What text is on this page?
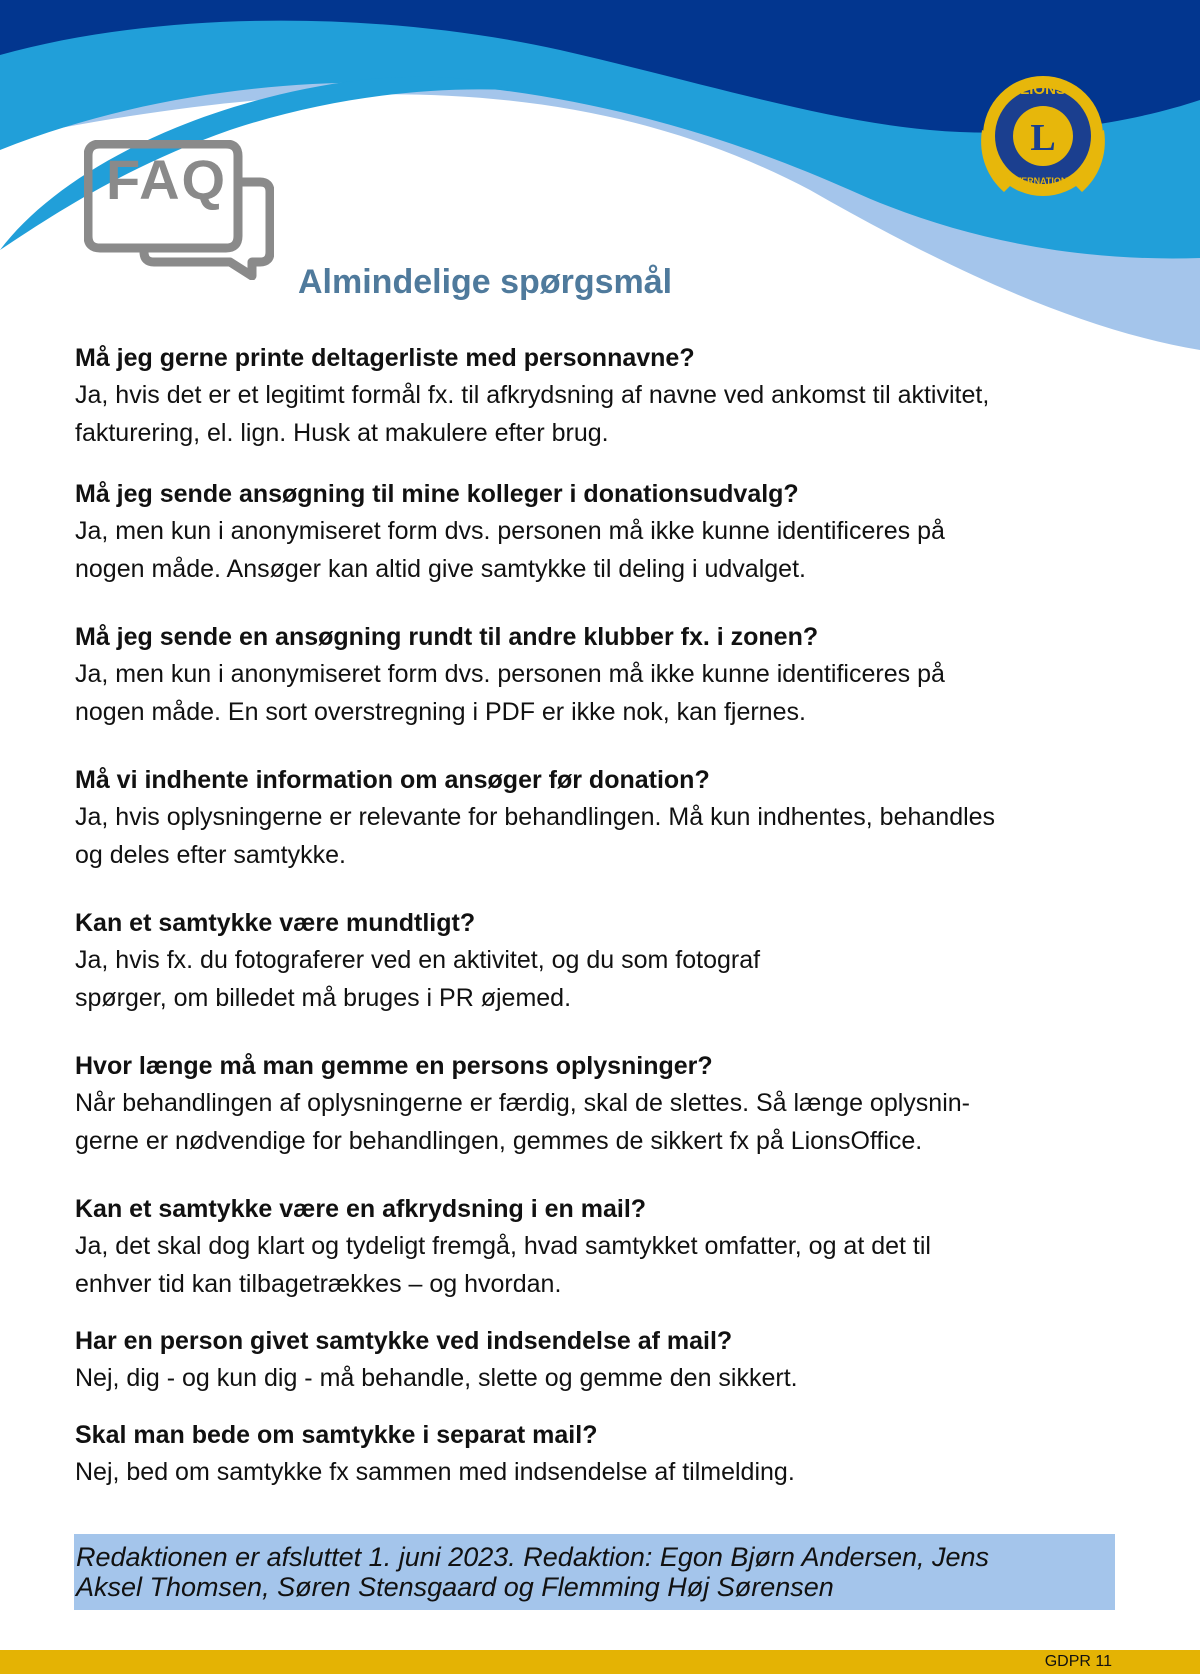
LIONS
L
INTERNATIONAL
FAQ
Almindelige spørgsmål

Må jeg gerne printe deltagerliste med personnavne?

Ja, hvis det er et legitimt formål fx. til afkrydsning af navne ved ankomst til aktivitet,
fakturering, el. lign. Husk at makulere efter brug.

Må jeg sende ansøgning til mine kolleger i donationsudvalg?

Ja, men kun i anonymiseret form dvs. personen må ikke kunne identificeres på
nogen måde. Ansøger kan altid give samtykke til deling i udvalget.

Må jeg sende en ansøgning rundt til andre klubber fx. i zonen?

Ja, men kun i anonymiseret form dvs. personen må ikke kunne identificeres på
nogen måde. En sort overstregning i PDF er ikke nok, kan fjernes.

Må vi indhente information om ansøger før donation?

Ja, hvis oplysningerne er relevante for behandlingen. Må kun indhentes, behandles
og deles efter samtykke.

Kan et samtykke være mundtligt?

Ja, hvis fx. du fotograferer ved en aktivitet, og du som fotograf
spørger, om billedet må bruges i PR øjemed.

Hvor længe må man gemme en persons oplysninger?

Når behandlingen af oplysningerne er færdig, skal de slettes. Så længe oplysnin-
gerne er nødvendige for behandlingen, gemmes de sikkert fx på LionsOffice.

Kan et samtykke være en afkrydsning i en mail?

Ja, det skal dog klart og tydeligt fremgå, hvad samtykket omfatter, og at det til
enhver tid kan tilbagetrækkes – og hvordan.

Har en person givet samtykke ved indsendelse af mail?

Nej, dig - og kun dig - må behandle, slette og gemme den sikkert.

Skal man bede om samtykke i separat mail?

Nej, bed om samtykke fx sammen med indsendelse af tilmelding.

Redaktionen er afsluttet 1. juni 2023. Redaktion: Egon Bjørn Andersen, Jens
Aksel Thomsen, Søren Stensgaard og Flemming Høj Sørensen
GDPR 11
